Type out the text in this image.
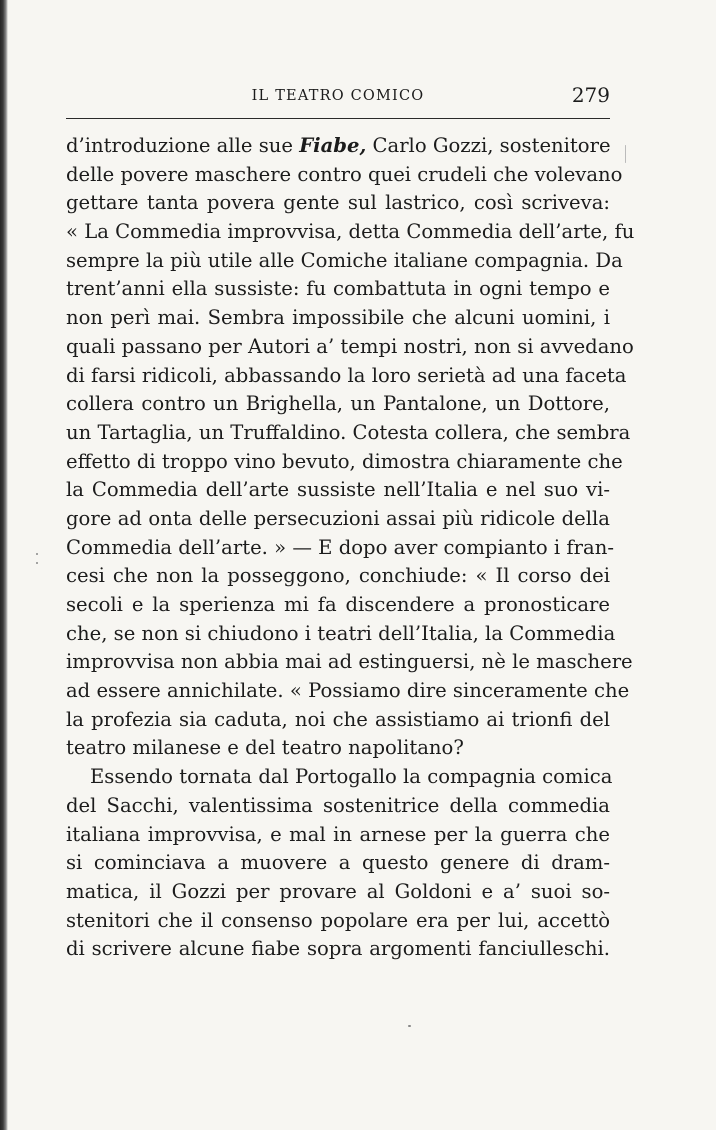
IL TEATRO COMICO	279
d’introduzione alle sue Fiabe, Carlo Gozzi, sostenitore
delle povere maschere contro quei crudeli che volevano
gettare tanta povera gente sul lastrico, così scriveva:
« La Commedia improvvisa, detta Commedia dell’arte, fu
sempre la più utile alle Comiche italiane compagnia. Da
trent’anni ella sussiste: fu combattuta in ogni tempo e
non perì mai. Sembra impossibile che alcuni uomini, i
quali passano per Autori a’ tempi nostri, non si avvedano
di farsi ridicoli, abbassando la loro serietà ad una faceta
collera contro un Brighella, un Pantalone, un Dottore,
un Tartaglia, un Truffaldino. Cotesta collera, che sembra
effetto di troppo vino bevuto, dimostra chiaramente che
la Commedia dell’arte sussiste nell’Italia e nel suo vi-
gore ad onta delle persecuzioni assai più ridicole della
Commedia dell’arte. » — E dopo aver compianto i fran-
cesi che non la posseggono, conchiude: « Il corso dei
secoli e la sperienza mi fa discendere a pronosticare
che, se non si chiudono i teatri dell’Italia, la Commedia
improvvisa non abbia mai ad estinguersi, nè le maschere
ad essere annichilate. « Possiamo dire sinceramente che
la profezia sia caduta, noi che assistiamo ai trionfi del
teatro milanese e del teatro napolitano?
Essendo tornata dal Portogallo la compagnia comica
del Sacchi, valentissima sostenitrice della commedia
italiana improvvisa, e mal in arnese per la guerra che
si cominciava a muovere a questo genere di dram-
matica, il Gozzi per provare al Goldoni e a’ suoi so-
stenitori che il consenso popolare era per lui, accettò
di scrivere alcune fiabe sopra argomenti fanciulleschi.
